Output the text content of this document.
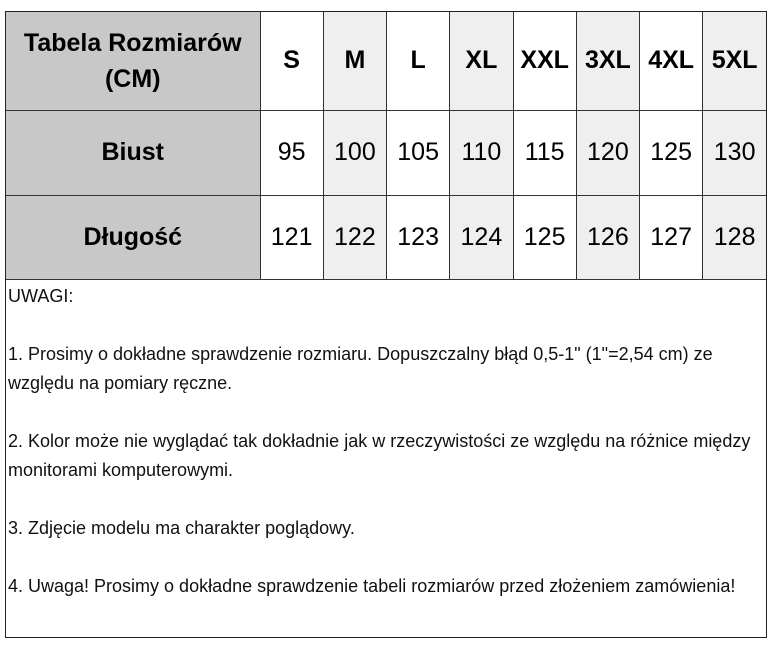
Tabela Rozmiarów
(CM)	S	M	L	XL	XXL	3XL	4XL	5XL
Biust	95	100	105	110	115	120	125	130
Długość	121	122	123	124	125	126	127	128

UWAGI:

1. Prosimy o dokładne sprawdzenie rozmiaru. Dopuszczalny błąd 0,5-1" (1"=2,54 cm) ze względu na pomiary ręczne.

2. Kolor może nie wyglądać tak dokładnie jak w rzeczywistości ze względu na różnice między monitorami komputerowymi.

3. Zdjęcie modelu ma charakter poglądowy.

4. Uwaga! Prosimy o dokładne sprawdzenie tabeli rozmiarów przed złożeniem zamówienia!
